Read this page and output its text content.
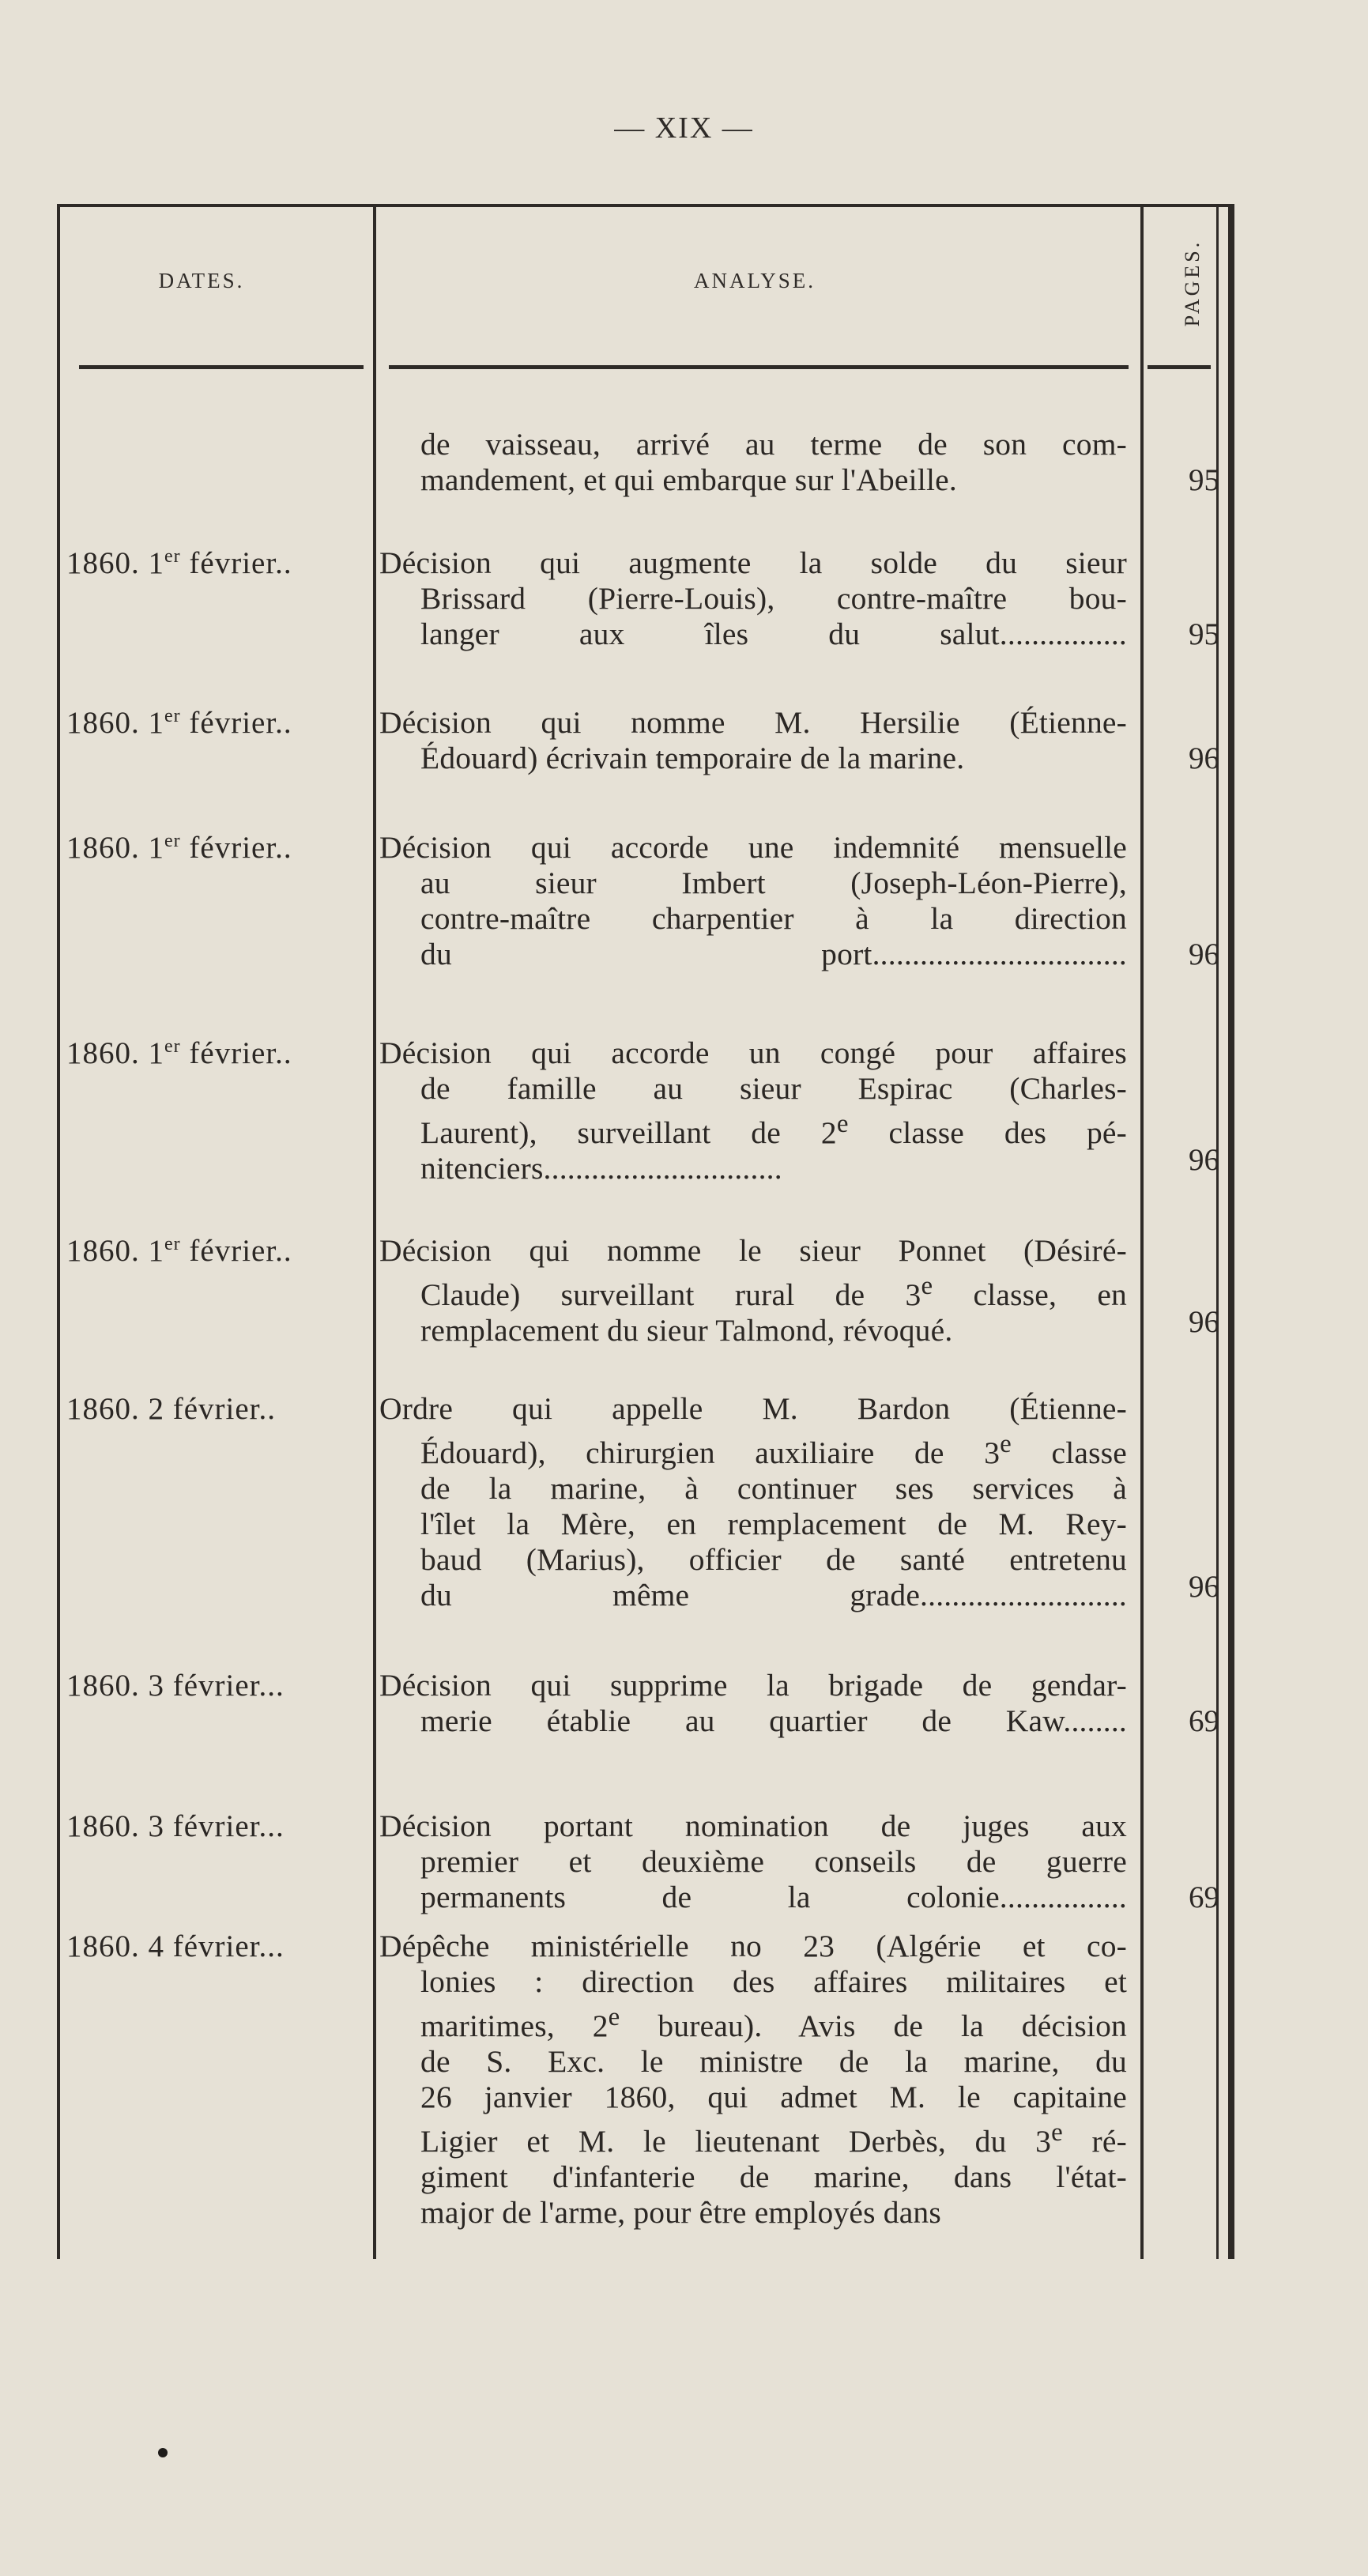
— XIX —
DATES.	ANALYSE.	PAGES.
de vaisseau, arrivé au terme de son com-
mandement, et qui embarque sur l'Abeille.	95
1860. 1er février..	Décision qui augmente la solde du sieur
Brissard (Pierre-Louis), contre-maître bou-
langer aux îles du salut................ 95
1860. 1er février..	Décision qui nomme M. Hersilie (Étienne-
Édouard) écrivain temporaire de la marine.	96
1860. 1er février..	Décision qui accorde une indemnité mensuelle
au sieur Imbert (Joseph-Léon-Pierre),
contre-maître charpentier à la direction
du port................................ 96
1860. 1er février..	Décision qui accorde un congé pour affaires
de famille au sieur Espirac (Charles-
Laurent), surveillant de 2e classe des pé-
nitenciers..............................	96
1860. 1er février..	Décision qui nomme le sieur Ponnet (Désiré-
Claude) surveillant rural de 3e classe, en
remplacement du sieur Talmond, révoqué.	96
1860. 2 février..	Ordre qui appelle M. Bardon (Étienne-
Édouard), chirurgien auxiliaire de 3e classe
de la marine, à continuer ses services à
l'îlet la Mère, en remplacement de M. Rey-
baud (Marius), officier de santé entretenu
du même grade.......................... 96
1860. 3 février...	Décision qui supprime la brigade de gendar-
merie établie au quartier de Kaw........ 69
1860. 3 février...	Décision portant nomination de juges aux
premier et deuxième conseils de guerre
permanents de la colonie................ 69
1860. 4 février...	Dépêche ministérielle no 23 (Algérie et co-
lonies : direction des affaires militaires et
maritimes, 2e bureau). Avis de la décision
de S. Exc. le ministre de la marine, du
26 janvier 1860, qui admet M. le capitaine
Ligier et M. le lieutenant Derbès, du 3e ré-
giment d'infanterie de marine, dans l'état-
major de l'arme, pour être employés dans
